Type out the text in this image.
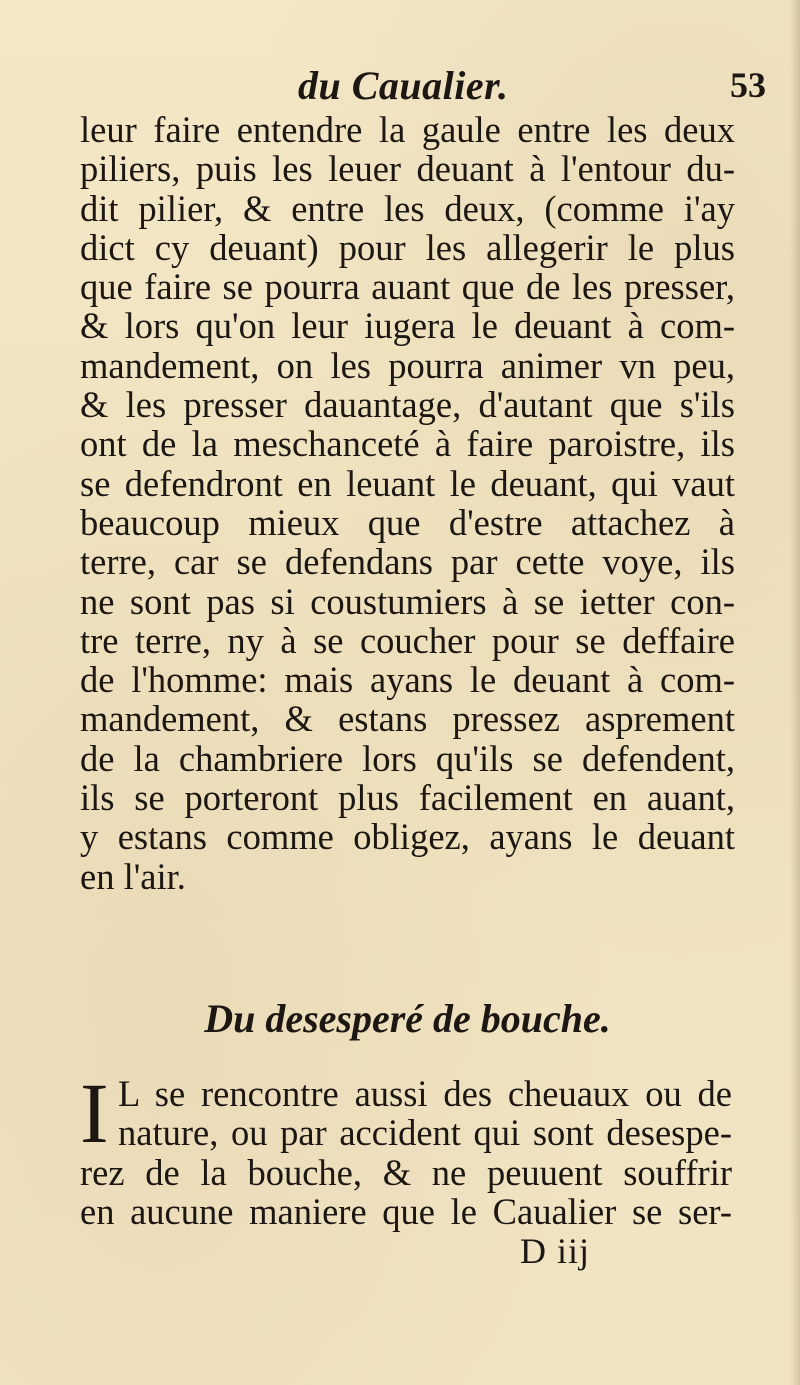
du Caualier.	53
leur faire entendre la gaule entre les deux
piliers, puis les leuer deuant à l'entour du-
dit pilier, & entre les deux, (comme i'ay
dict cy deuant) pour les allegerir le plus
que faire se pourra auant que de les presser,
& lors qu'on leur iugera le deuant à com-
mandement, on les pourra animer vn peu,
& les presser dauantage, d'autant que s'ils
ont de la meschanceté à faire paroistre, ils
se defendront en leuant le deuant, qui vaut
beaucoup mieux que d'estre attachez à
terre, car se defendans par cette voye, ils
ne sont pas si coustumiers à se ietter con-
tre terre, ny à se coucher pour se deffaire
de l'homme: mais ayans le deuant à com-
mandement, & estans pressez asprement
de la chambriere lors qu'ils se defendent,
ils se porteront plus facilement en auant,
y estans comme obligez, ayans le deuant
en l'air.
Du desesperé de bouche.
I L se rencontre aussi des cheuaux ou de
nature, ou par accident qui sont desespe-
rez de la bouche, & ne peuuent souffrir
en aucune maniere que le Caualier se ser-
D iij
